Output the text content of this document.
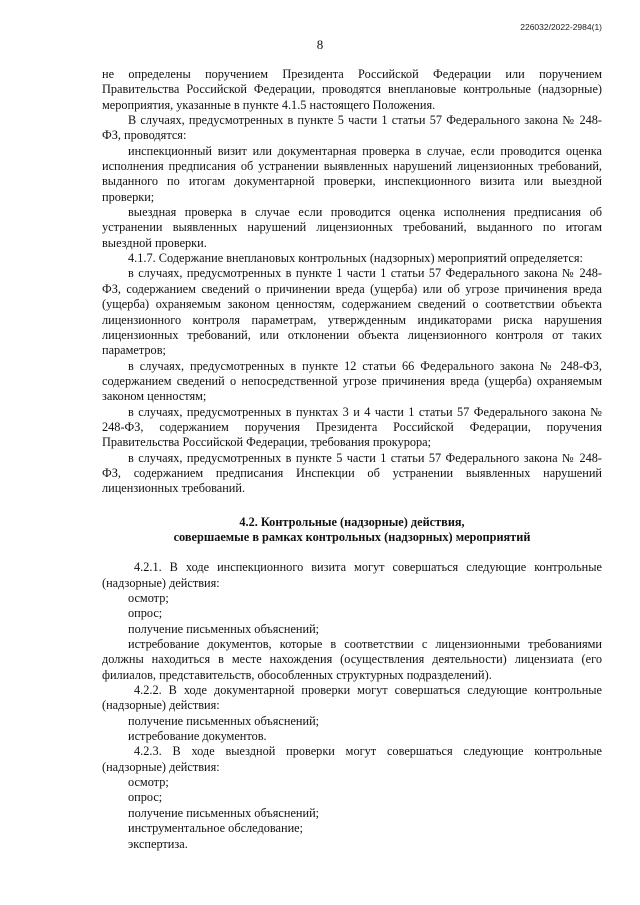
226032/2022-2984(1)
8

не определены поручением Президента Российской Федерации или поручением Правительства Российской Федерации, проводятся внеплановые контрольные (надзорные) мероприятия, указанные в пункте 4.1.5 настоящего Положения.

В случаях, предусмотренных в пункте 5 части 1 статьи 57 Федерального закона № 248-ФЗ, проводятся:

инспекционный визит или документарная проверка в случае, если проводится оценка исполнения предписания об устранении выявленных нарушений лицензионных требований, выданного по итогам документарной проверки, инспекционного визита или выездной проверки;

выездная проверка в случае если проводится оценка исполнения предписания об устранении выявленных нарушений лицензионных требований, выданного по итогам выездной проверки.

4.1.7. Содержание внеплановых контрольных (надзорных) мероприятий определяется:

в случаях, предусмотренных в пункте 1 части 1 статьи 57 Федерального закона № 248-ФЗ, содержанием сведений о причинении вреда (ущерба) или об угрозе причинения вреда (ущерба) охраняемым законом ценностям, содержанием сведений о соответствии объекта лицензионного контроля параметрам, утвержденным индикаторами риска нарушения лицензионных требований, или отклонении объекта лицензионного контроля от таких параметров;

в случаях, предусмотренных в пункте 12 статьи 66 Федерального закона № 248-ФЗ, содержанием сведений о непосредственной угрозе причинения вреда (ущерба) охраняемым законом ценностям;

в случаях, предусмотренных в пунктах 3 и 4 части 1 статьи 57 Федерального закона № 248-ФЗ, содержанием поручения Президента Российской Федерации, поручения Правительства Российской Федерации, требования прокурора;

в случаях, предусмотренных в пункте 5 части 1 статьи 57 Федерального закона № 248-ФЗ, содержанием предписания Инспекции об устранении выявленных нарушений лицензионных требований.

4.2. Контрольные (надзорные) действия,

совершаемые в рамках контрольных (надзорных) мероприятий

4.2.1. В ходе инспекционного визита могут совершаться следующие контрольные (надзорные) действия:

осмотр;

опрос;

получение письменных объяснений;

истребование документов, которые в соответствии с лицензионными требованиями должны находиться в месте нахождения (осуществления деятельности) лицензиата (его филиалов, представительств, обособленных структурных подразделений).

4.2.2. В ходе документарной проверки могут совершаться следующие контрольные (надзорные) действия:

получение письменных объяснений;

истребование документов.

4.2.3. В ходе выездной проверки могут совершаться следующие контрольные (надзорные) действия:

осмотр;

опрос;

получение письменных объяснений;

инструментальное обследование;

экспертиза.
